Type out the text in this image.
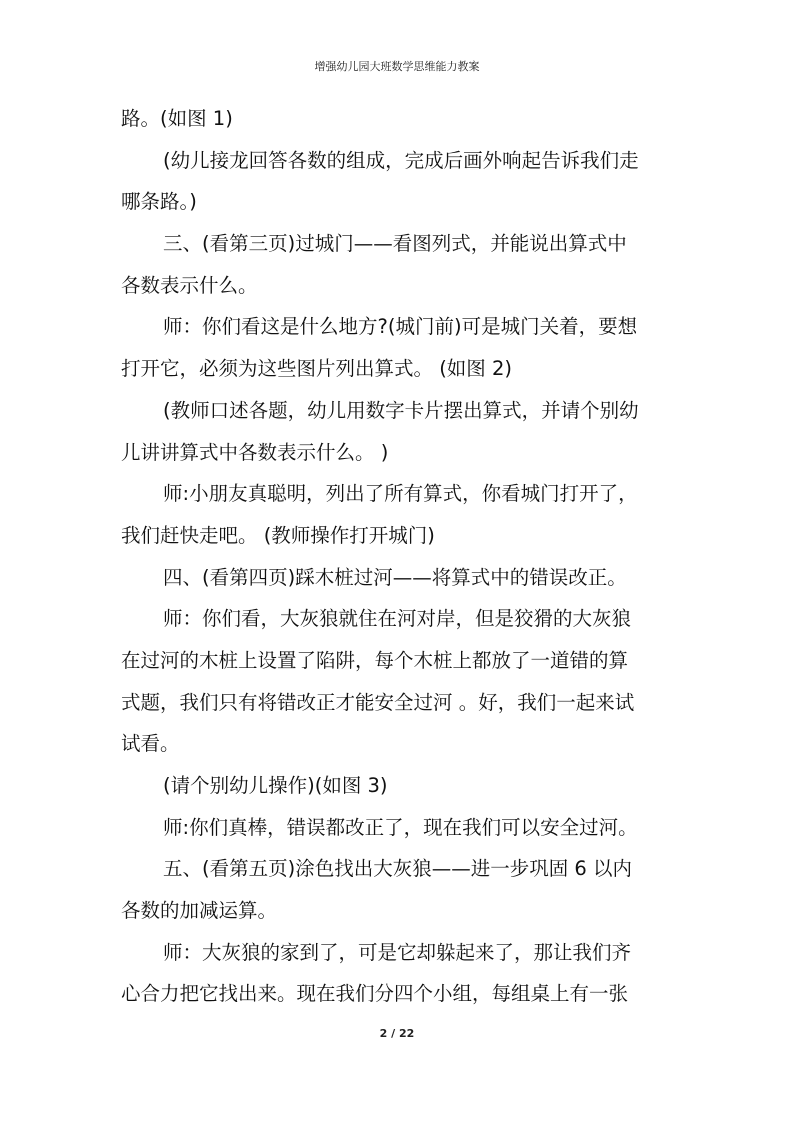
增强幼儿园大班数学思维能力教案
路。(如图 1)
(幼儿接龙回答各数的组成，完成后画外响起告诉我们走
哪条路。)
三、(看第三页)过城门——看图列式，并能说出算式中
各数表示什么。
师：你们看这是什么地方?(城门前)可是城门关着，要想
打开它，必须为这些图片列出算式。 (如图 2)
(教师口述各题，幼儿用数字卡片摆出算式，并请个别幼
儿讲讲算式中各数表示什么。 )
师:小朋友真聪明，列出了所有算式，你看城门打开了，
我们赶快走吧。 (教师操作打开城门)
四、(看第四页)踩木桩过河——将算式中的错误改正。
师：你们看，大灰狼就住在河对岸，但是狡猾的大灰狼
在过河的木桩上设置了陷阱，每个木桩上都放了一道错的算
式题，我们只有将错改正才能安全过河 。好，我们一起来试
试看。
(请个别幼儿操作)(如图 3)
师:你们真棒，错误都改正了，现在我们可以安全过河。
五、(看第五页)涂色找出大灰狼——进一步巩固 6 以内
各数的加减运算。
师：大灰狼的家到了，可是它却躲起来了，那让我们齐
心合力把它找出来。现在我们分四个小组，每组桌上有一张
2 / 22
